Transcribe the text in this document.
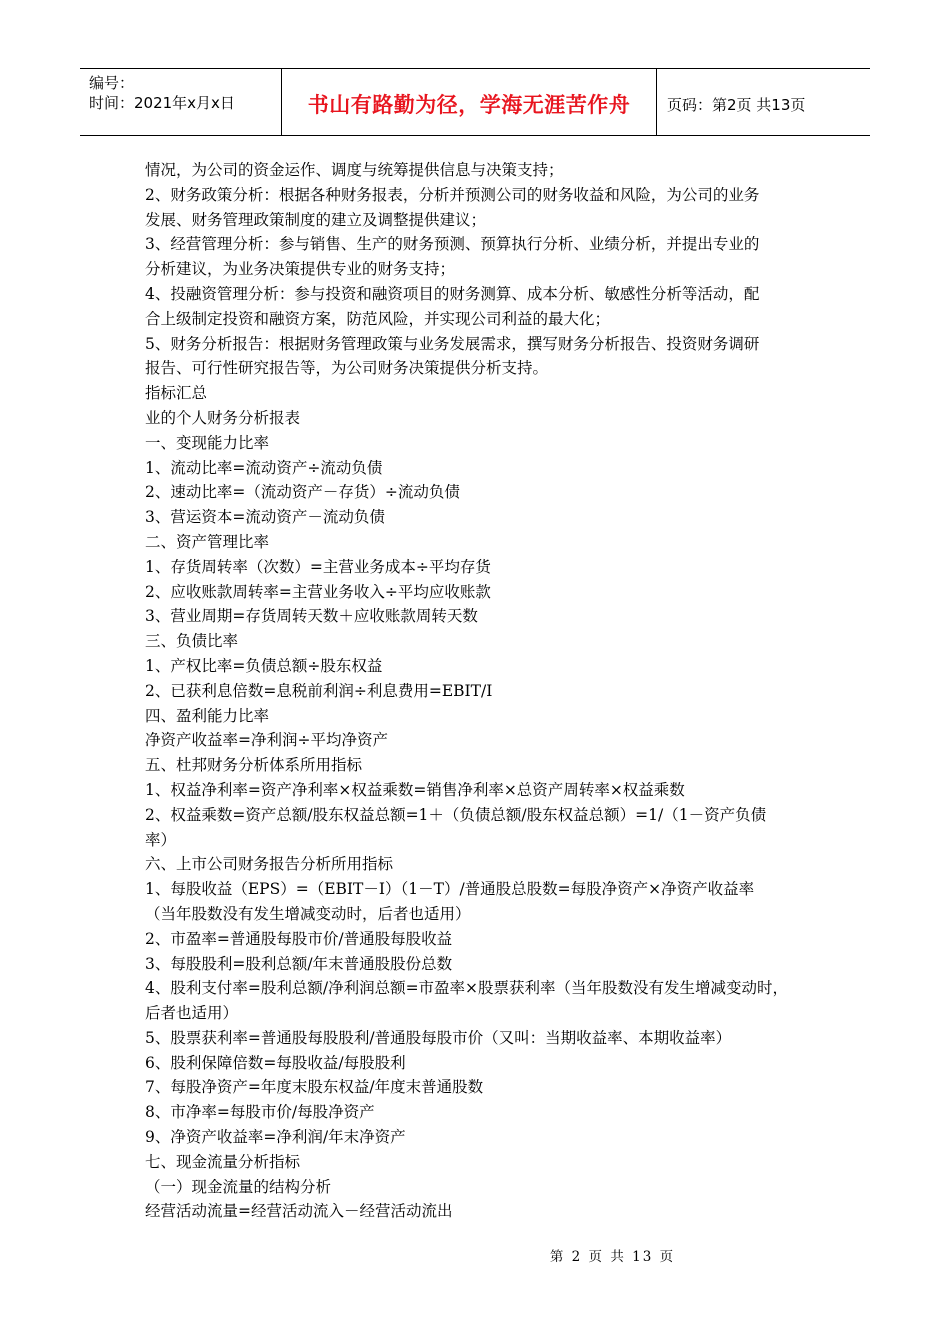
编号：
时间：2021年x月x日	书山有路勤为径，学海无涯苦作舟 页码：第2页 共13页
情况，为公司的资金运作、调度与统筹提供信息与决策支持；
2、财务政策分析：根据各种财务报表，分析并预测公司的财务收益和风险，为公司的业务
发展、财务管理政策制度的建立及调整提供建议；
3、经营管理分析：参与销售、生产的财务预测、预算执行分析、业绩分析，并提出专业的
分析建议，为业务决策提供专业的财务支持；
4、投融资管理分析：参与投资和融资项目的财务测算、成本分析、敏感性分析等活动，配
合上级制定投资和融资方案，防范风险，并实现公司利益的最大化；
5、财务分析报告：根据财务管理政策与业务发展需求，撰写财务分析报告、投资财务调研
报告、可行性研究报告等，为公司财务决策提供分析支持。
指标汇总
业的个人财务分析报表
一、变现能力比率
1、流动比率=流动资产÷流动负债
2、速动比率=（流动资产－存货）÷流动负债
3、营运资本=流动资产－流动负债
二、资产管理比率
1、存货周转率（次数）=主营业务成本÷平均存货
2、应收账款周转率=主营业务收入÷平均应收账款
3、营业周期=存货周转天数＋应收账款周转天数
三、负债比率
1、产权比率=负债总额÷股东权益
2、已获利息倍数=息税前利润÷利息费用=EBIT/I
四、盈利能力比率
净资产收益率=净利润÷平均净资产
五、杜邦财务分析体系所用指标
1、权益净利率=资产净利率×权益乘数=销售净利率×总资产周转率×权益乘数
2、权益乘数=资产总额/股东权益总额=1＋（负债总额/股东权益总额）=1/（1－资产负债
率）
六、上市公司财务报告分析所用指标
1、每股收益（EPS）=（EBIT－I）（1－T）/普通股总股数=每股净资产×净资产收益率
（当年股数没有发生增减变动时，后者也适用）
2、市盈率=普通股每股市价/普通股每股收益
3、每股股利=股利总额/年末普通股股份总数
4、股利支付率=股利总额/净利润总额=市盈率×股票获利率（当年股数没有发生增减变动时，
后者也适用）
5、股票获利率=普通股每股股利/普通股每股市价（又叫：当期收益率、本期收益率）
6、股利保障倍数=每股收益/每股股利
7、每股净资产=年度末股东权益/年度末普通股数
8、市净率=每股市价/每股净资产
9、净资产收益率=净利润/年末净资产
七、现金流量分析指标
（一）现金流量的结构分析
经营活动流量=经营活动流入－经营活动流出
第 2 页 共 13 页
